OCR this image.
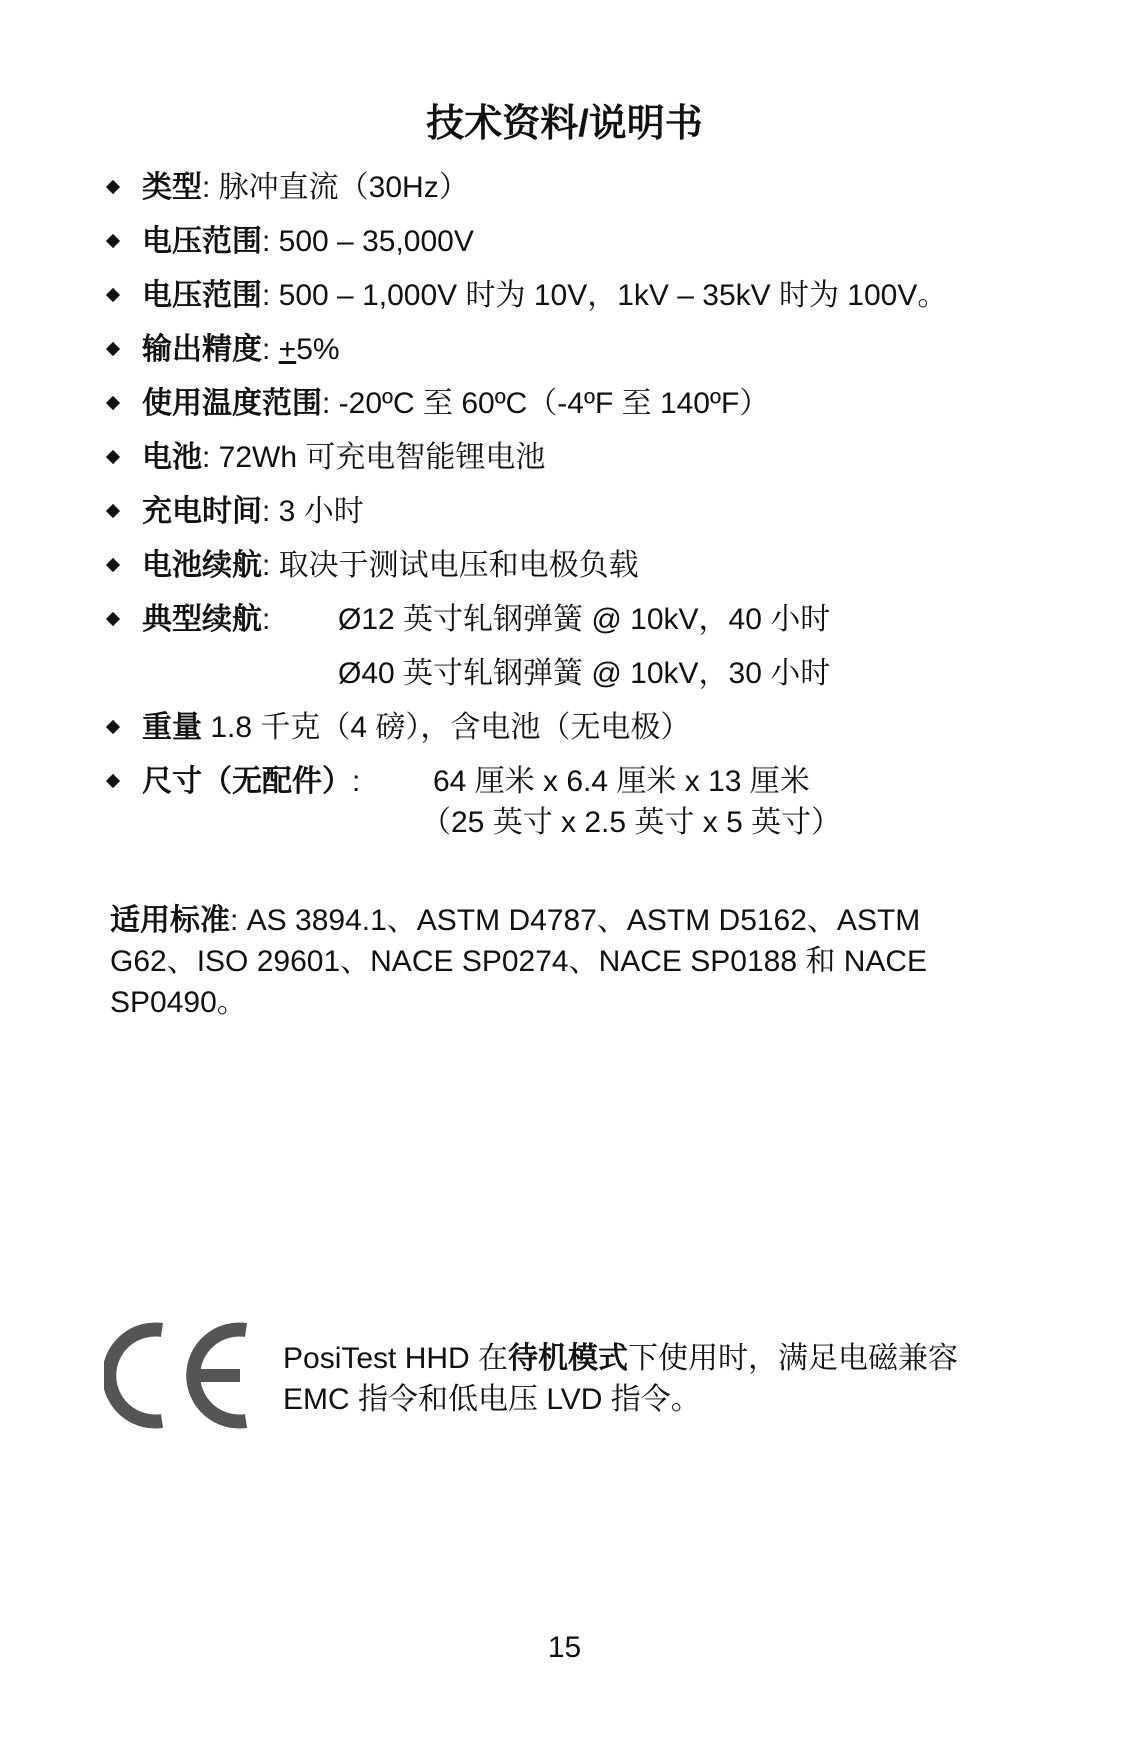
技术资料/说明书
类型: 脉冲直流（30Hz）
电压范围: 500 – 35,000V
电压范围: 500 – 1,000V 时为 10V，1kV – 35kV 时为 100V。
输出精度: +5%
使用温度范围: -20ºC 至 60ºC（-4ºF 至 140ºF）
电池: 72Wh 可充电智能锂电池
充电时间: 3 小时
电池续航: 取决于测试电压和电极负载
典型续航: Ø12 英寸轧钢弹簧 @ 10kV，40 小时
Ø40 英寸轧钢弹簧 @ 10kV，30 小时
重量 1.8 千克（4 磅），含电池（无电极）
尺寸（无配件）: 64 厘米 x 6.4 厘米 x 13 厘米
（25 英寸 x 2.5 英寸 x 5 英寸）
适用标准: AS 3894.1、ASTM D4787、ASTM D5162、ASTM G62、ISO 29601、NACE SP0274、NACE SP0188 和 NACE SP0490。
PosiTest HHD 在待机模式下使用时，满足电磁兼容 EMC 指令和低电压 LVD 指令。
15
